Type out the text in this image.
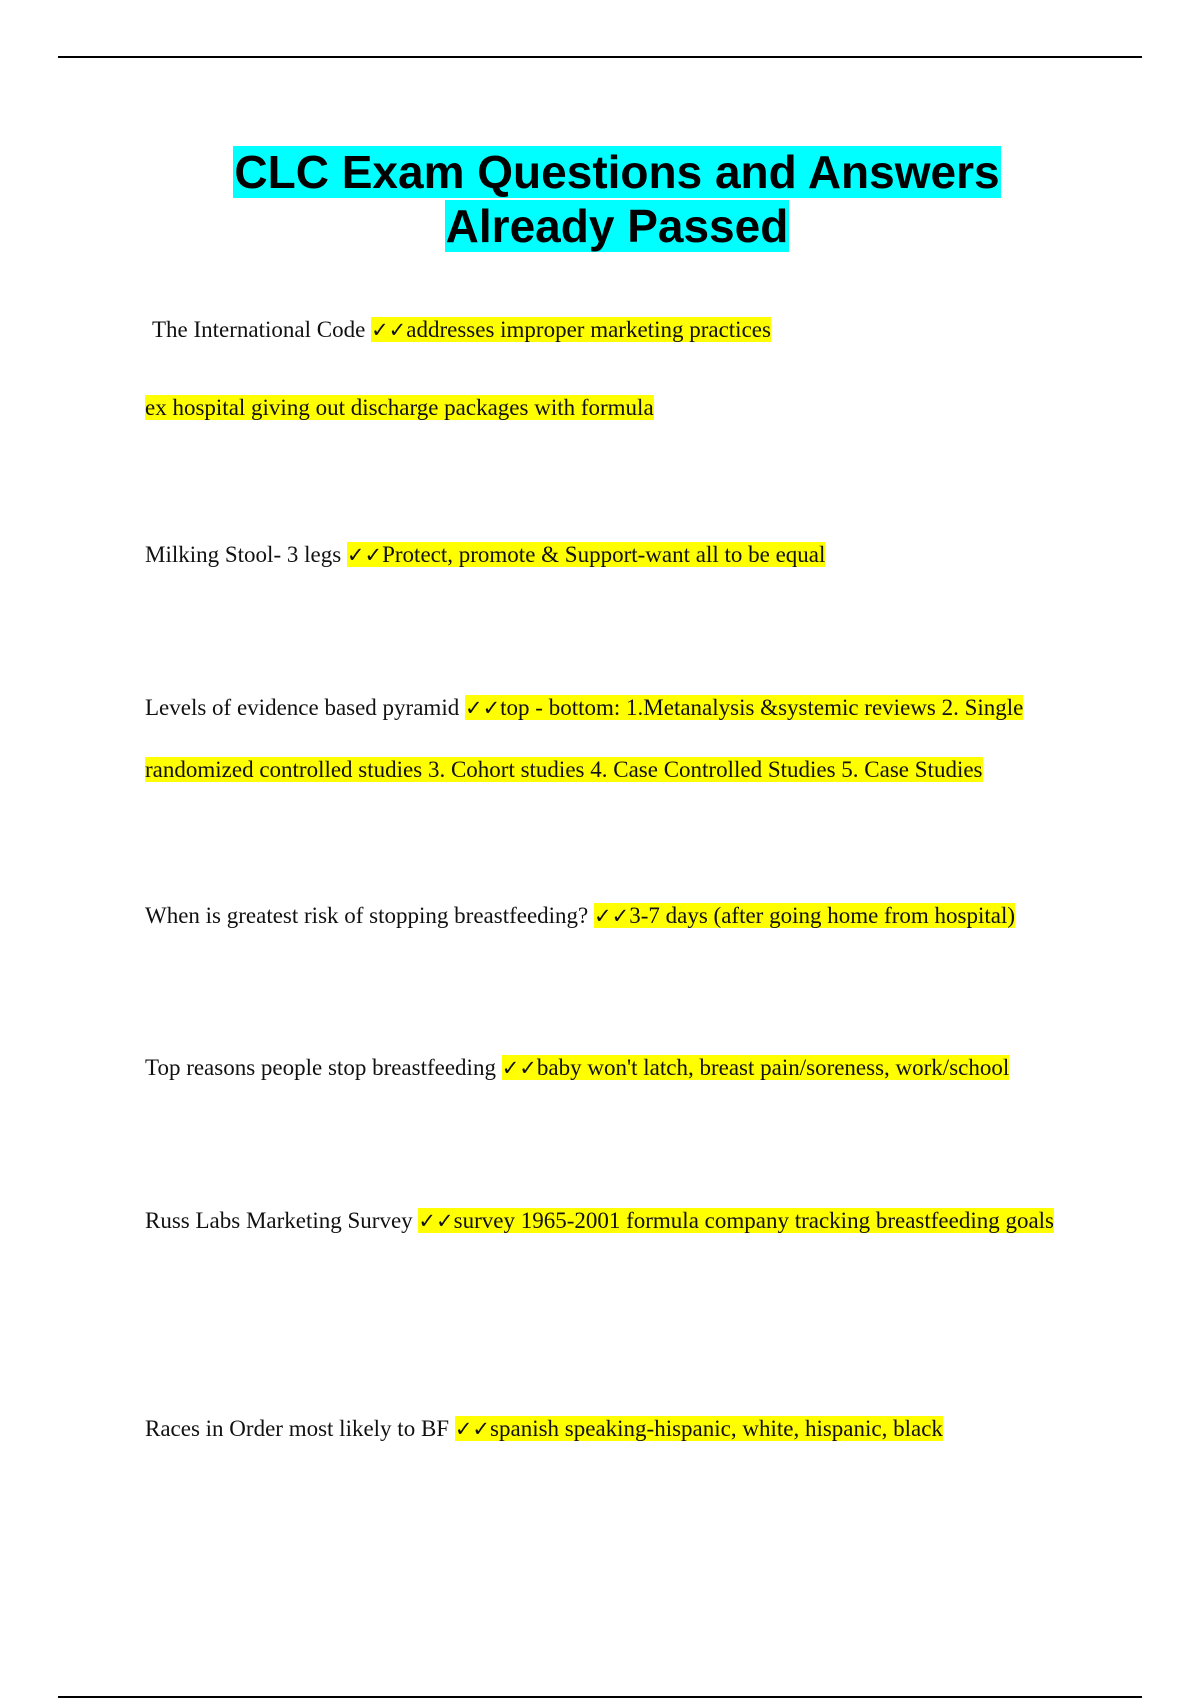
CLC Exam Questions and Answers
Already Passed
The International Code ✓✓addresses improper marketing practices
ex hospital giving out discharge packages with formula
Milking Stool- 3 legs ✓✓Protect, promote & Support-want all to be equal
Levels of evidence based pyramid ✓✓top - bottom: 1.Metanalysis &systemic reviews 2. Single randomized controlled studies 3. Cohort studies 4. Case Controlled Studies 5. Case Studies
When is greatest risk of stopping breastfeeding? ✓✓3-7 days (after going home from hospital)
Top reasons people stop breastfeeding ✓✓baby won't latch, breast pain/soreness, work/school
Russ Labs Marketing Survey ✓✓survey 1965-2001 formula company tracking breastfeeding goals
Races in Order most likely to BF ✓✓spanish speaking-hispanic, white, hispanic, black
